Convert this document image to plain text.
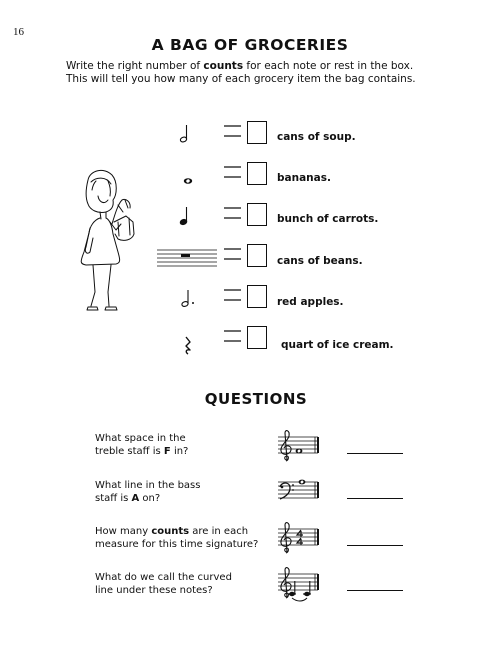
16
A BAG OF GROCERIES
Write the right number of counts for each note or rest in the box.
This will tell you how many of each grocery item the bag contains.
cans of soup.
bananas.
bunch of carrots.
cans of beans.
red apples.
quart of ice cream.
QUESTIONS
What space in the
treble staff is F in?
What line in the bass
staff is A on?
How many counts are in each
measure for this time signature?
What do we call the curved
line under these notes?
